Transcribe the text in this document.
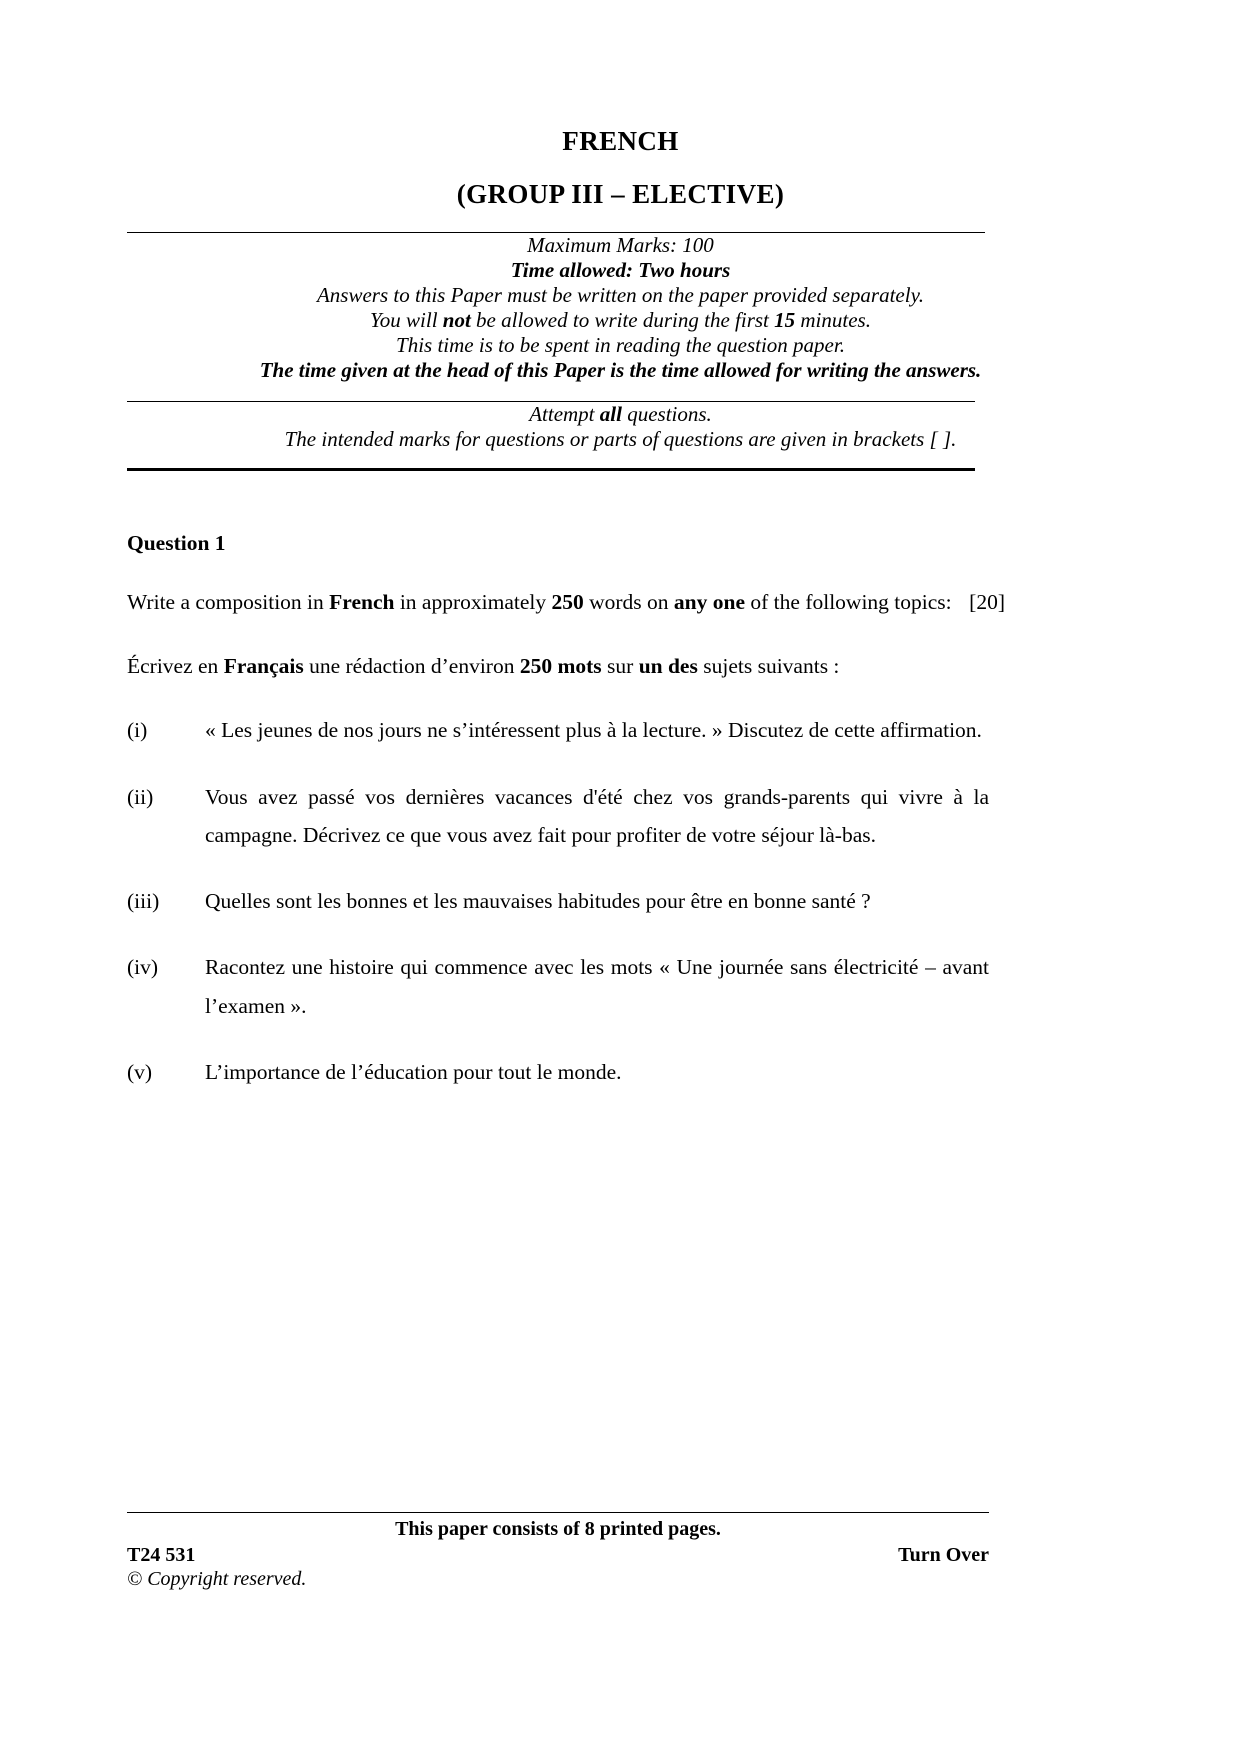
FRENCH
(GROUP III – ELECTIVE)
Maximum Marks: 100
Time allowed: Two hours
Answers to this Paper must be written on the paper provided separately.
You will not be allowed to write during the first 15 minutes.
This time is to be spent in reading the question paper.
The time given at the head of this Paper is the time allowed for writing the answers.
Attempt all questions.
The intended marks for questions or parts of questions are given in brackets [ ].
Question 1
Write a composition in French in approximately 250 words on any one of the following topics: [20]
Écrivez en Français une rédaction d’environ 250 mots sur un des sujets suivants :
(i)	« Les jeunes de nos jours ne s’intéressent plus à la lecture. » Discutez de cette affirmation.
(ii)	Vous avez passé vos dernières vacances d'été chez vos grands-parents qui vivre à la campagne. Décrivez ce que vous avez fait pour profiter de votre séjour là-bas.
(iii)	Quelles sont les bonnes et les mauvaises habitudes pour être en bonne santé ?
(iv)	Racontez une histoire qui commence avec les mots « Une journée sans électricité – avant l’examen ».
(v)	L’importance de l’éducation pour tout le monde.
This paper consists of 8 printed pages.
T24 531	Turn Over
© Copyright reserved.
